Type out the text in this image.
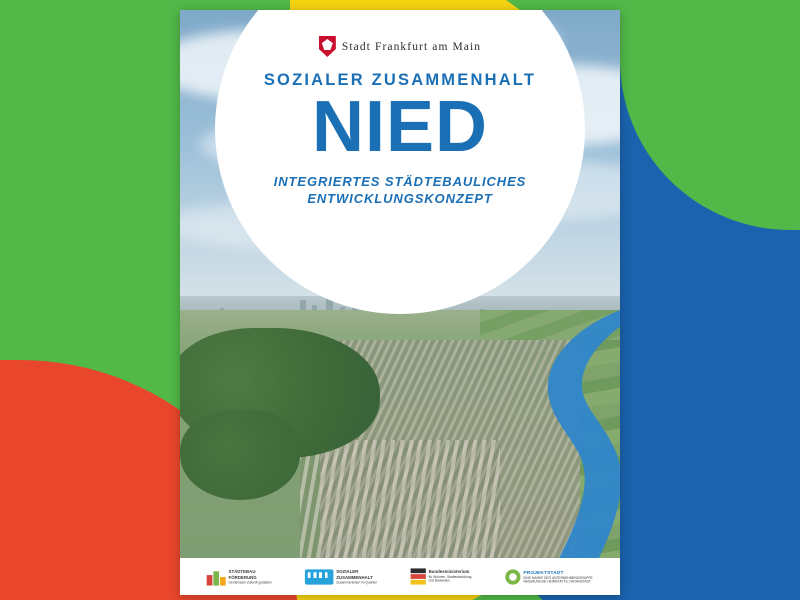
Stadt Frankfurt am Main
SOZIALER ZUSAMMENHALT
NIED
INTEGRIERTES STÄDTEBAULICHES
ENTWICKLUNGSKONZEPT
STÄDTEBAU
FÖRDERUNG
Gemeinsam Zukunft gestalten
SOZIALER
ZUSAMMENHALT
Zusammenleben im Quartier
Bundesministerium
für Wohnen, Stadtentwicklung
und Bauwesen
PROJEKTSTADT
EINE MARKE DER UNTERNEHMENSGRUPPE
NASSAUISCHE HEIMSTÄTTE | WOHNSTADT
